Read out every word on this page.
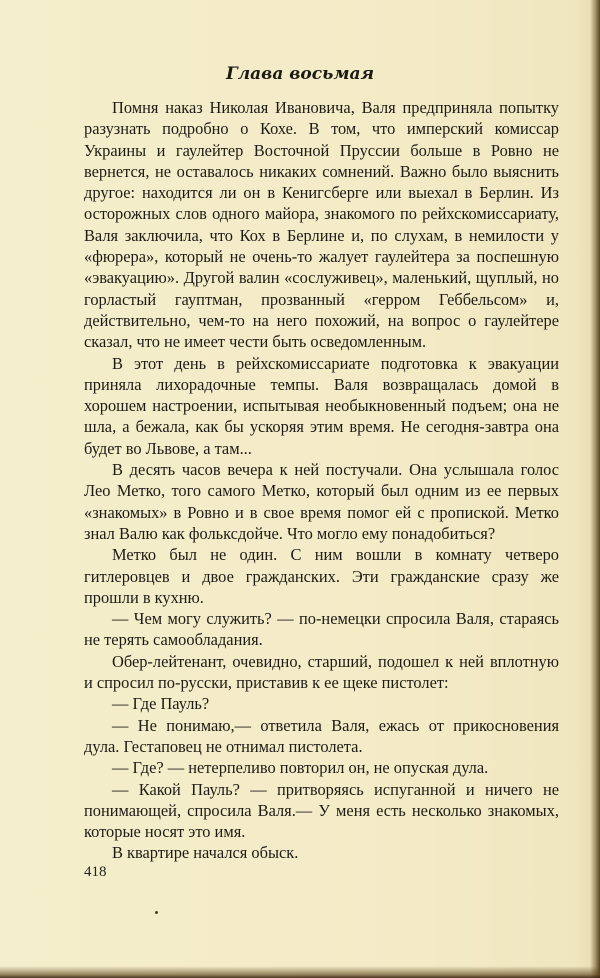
Глава восьмая

Помня наказ Николая Ивановича, Валя предприняла попытку разузнать подробно о Кохе. В том, что имперский комиссар Украины и гаулейтер Восточной Пруссии больше в Ровно не вернется, не оставалось никаких сомнений. Важно было выяснить другое: находится ли он в Кенигсберге или выехал в Берлин. Из осторожных слов одного майора, знакомого по рейхскомиссариату, Валя заключила, что Кох в Берлине и, по слухам, в немилости у «фюрера», который не очень-то жалует гаулейтера за поспешную «эвакуацию». Другой валин «сослуживец», маленький, щуплый, но горластый гауптман, прозванный «герром Геббельсом» и, действительно, чем-то на него похожий, на вопрос о гаулейтере сказал, что не имеет чести быть осведомленным.

В этот день в рейхскомиссариате подготовка к эвакуации приняла лихорадочные темпы. Валя возвращалась домой в хорошем настроении, испытывая необыкновенный подъем; она не шла, а бежала, как бы ускоряя этим время. Не сегодня-завтра она будет во Львове, а там...

В десять часов вечера к ней постучали. Она услышала голос Лео Метко, того самого Метко, который был одним из ее первых «знакомых» в Ровно и в свое время помог ей с пропиской. Метко знал Валю как фольксдойче. Что могло ему понадобиться?

Метко был не один. С ним вошли в комнату четверо гитлеровцев и двое гражданских. Эти гражданские сразу же прошли в кухню.

— Чем могу служить? — по-немецки спросила Валя, стараясь не терять самообладания.

Обер-лейтенант, очевидно, старший, подошел к ней вплотную и спросил по-русски, приставив к ее щеке пистолет:

— Где Пауль?

— Не понимаю,— ответила Валя, ежась от прикосновения дула. Гестаповец не отнимал пистолета.

— Где? — нетерпеливо повторил он, не опуская дула.

— Какой Пауль? — притворяясь испуганной и ничего не понимающей, спросила Валя.— У меня есть несколько знакомых, которые носят это имя.

В квартире начался обыск.

418
